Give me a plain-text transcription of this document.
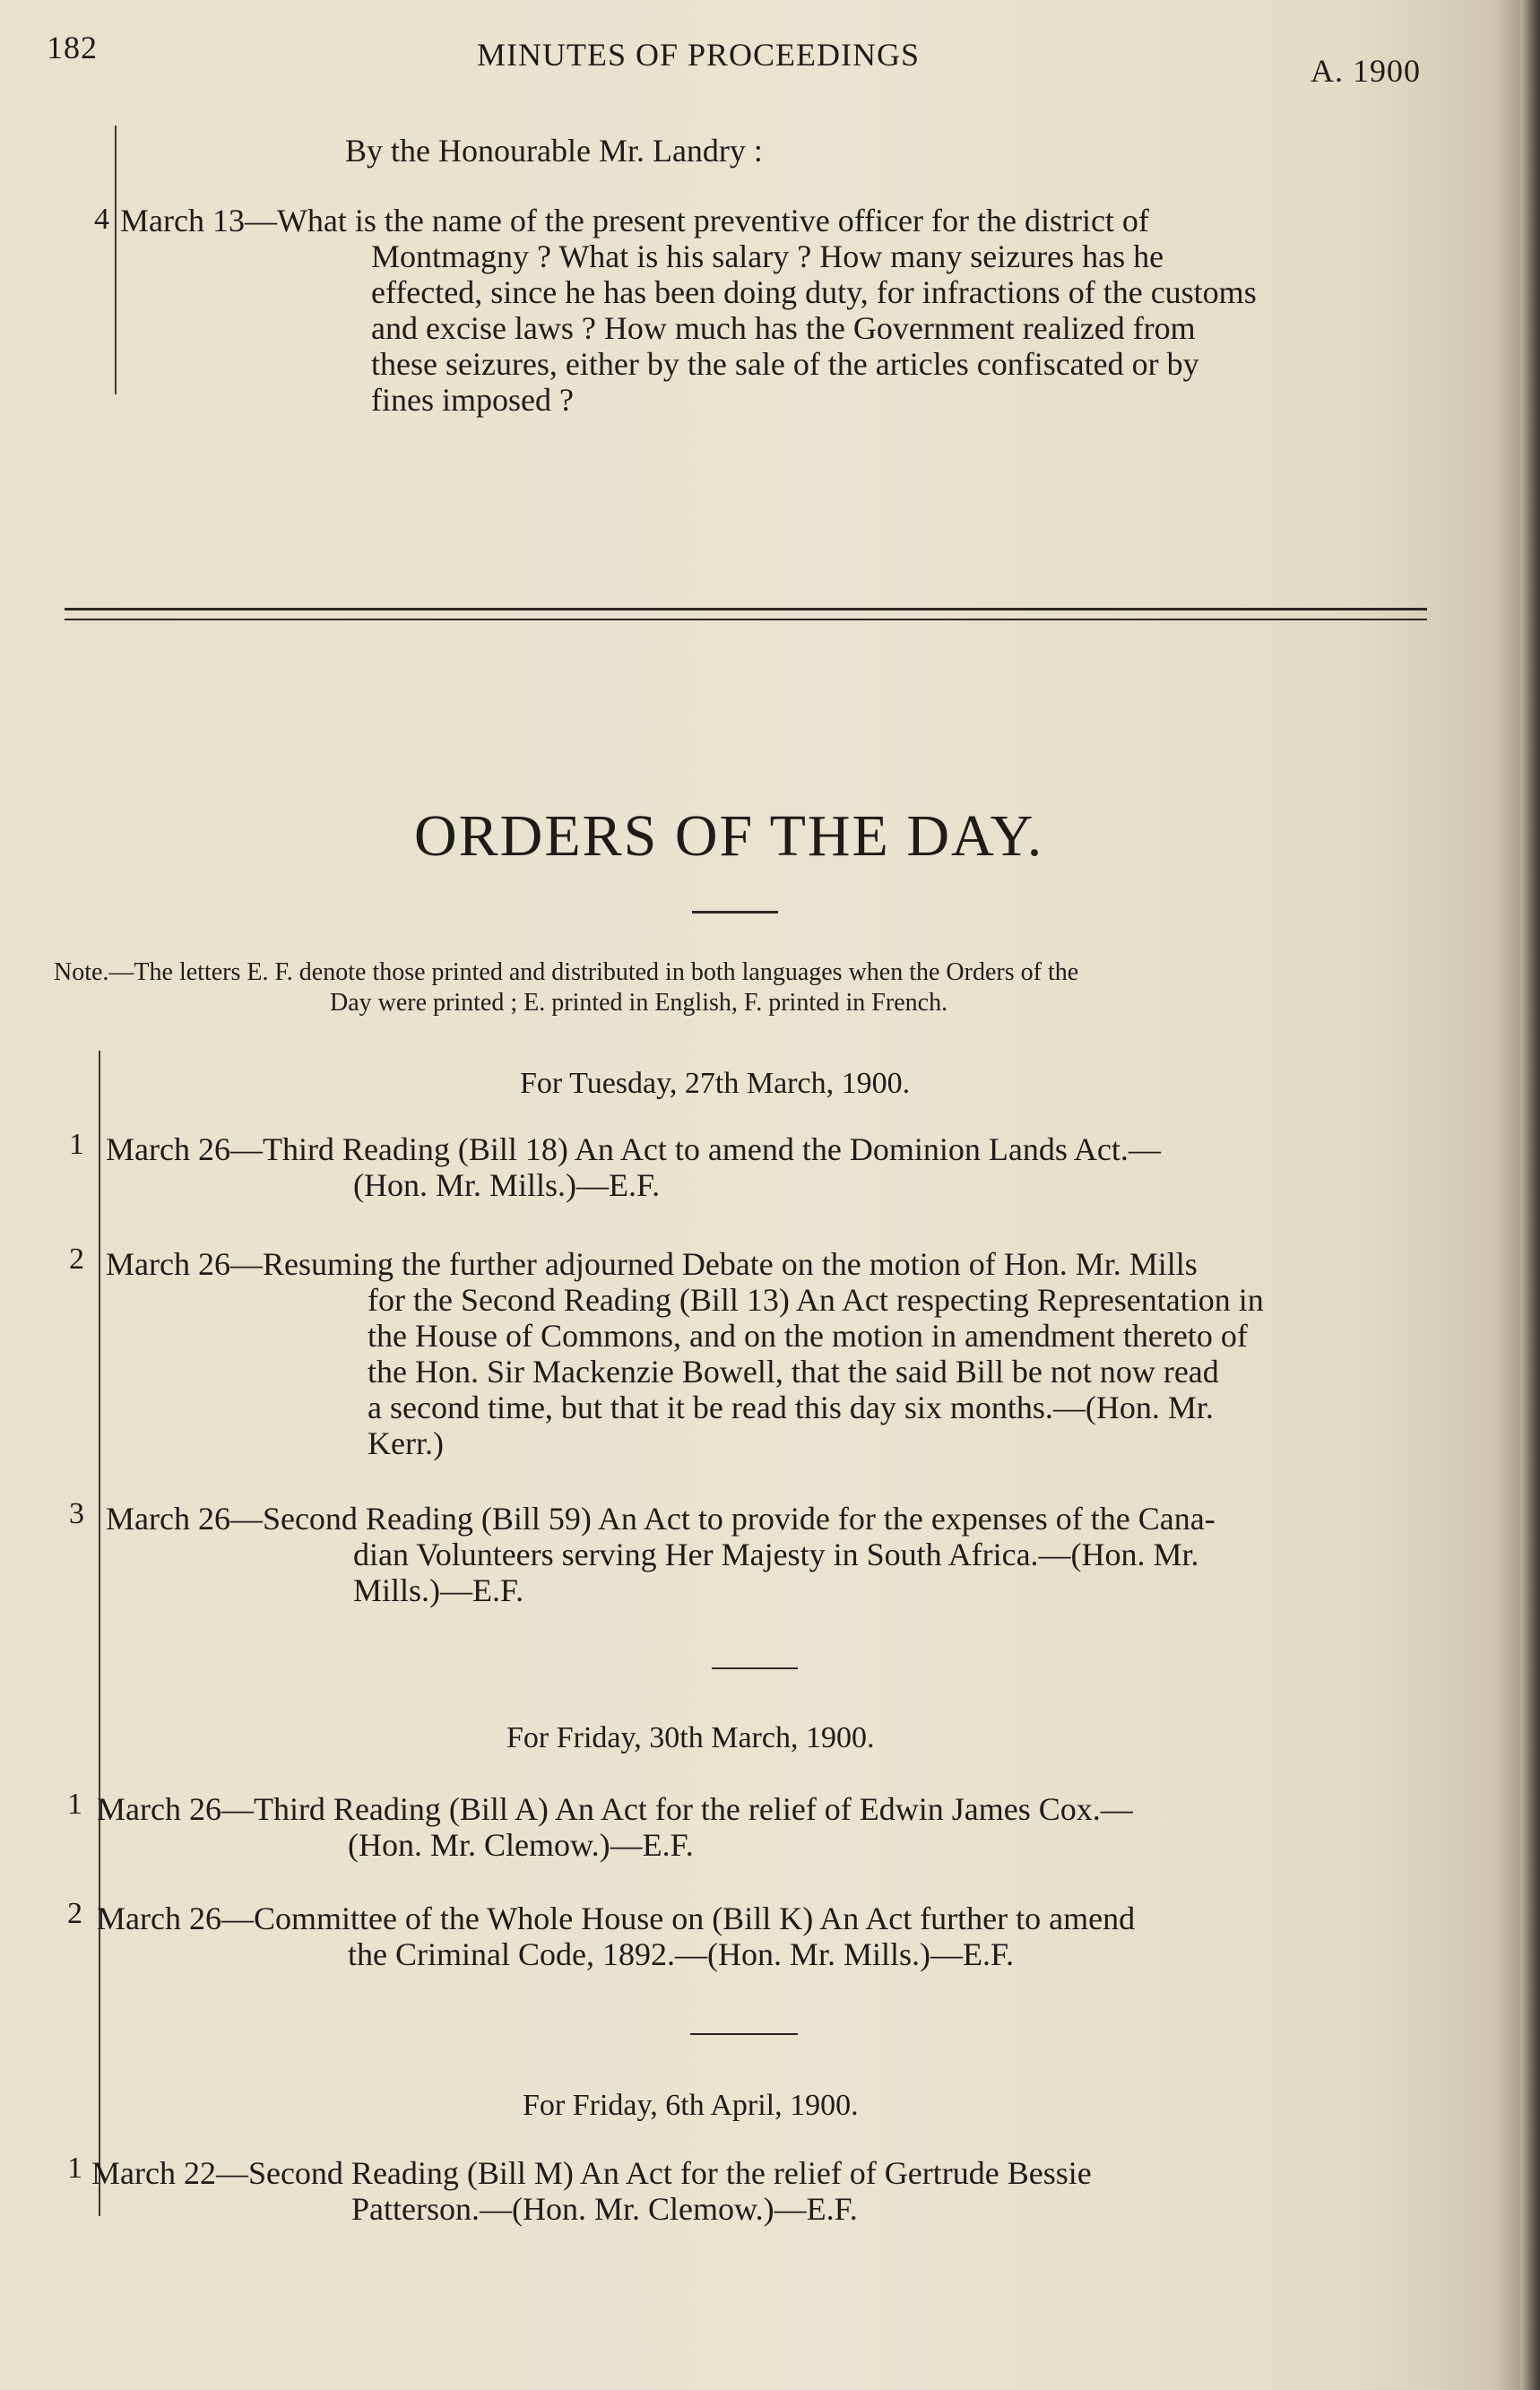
182	MINUTES OF PROCEEDINGS	A. 1900
By the Honourable Mr. Landry :
4 March 13—What is the name of the present preventive officer for the district of
Montmagny ? What is his salary ? How many seizures has he
effected, since he has been doing duty, for infractions of the customs
and excise laws ? How much has the Government realized from
these seizures, either by the sale of the articles confiscated or by
fines imposed ?
ORDERS OF THE DAY.
Note.—The letters E. F. denote those printed and distributed in both languages when the Orders of the
Day were printed ; E. printed in English, F. printed in French.
For Tuesday, 27th March, 1900.
1 March 26—Third Reading (Bill 18) An Act to amend the Dominion Lands Act.—
(Hon. Mr. Mills.)—E.F.
2 March 26—Resuming the further adjourned Debate on the motion of Hon. Mr. Mills
for the Second Reading (Bill 13) An Act respecting Representation in
the House of Commons, and on the motion in amendment thereto of
the Hon. Sir Mackenzie Bowell, that the said Bill be not now read
a second time, but that it be read this day six months.—(Hon. Mr.
Kerr.)
3 March 26—Second Reading (Bill 59) An Act to provide for the expenses of the Cana-
dian Volunteers serving Her Majesty in South Africa.—(Hon. Mr.
Mills.)—E.F.
For Friday, 30th March, 1900.
1 March 26—Third Reading (Bill A) An Act for the relief of Edwin James Cox.—
(Hon. Mr. Clemow.)—E.F.
2 March 26—Committee of the Whole House on (Bill K) An Act further to amend
the Criminal Code, 1892.—(Hon. Mr. Mills.)—E.F.
For Friday, 6th April, 1900.
1 March 22—Second Reading (Bill M) An Act for the relief of Gertrude Bessie
Patterson.—(Hon. Mr. Clemow.)—E.F.
